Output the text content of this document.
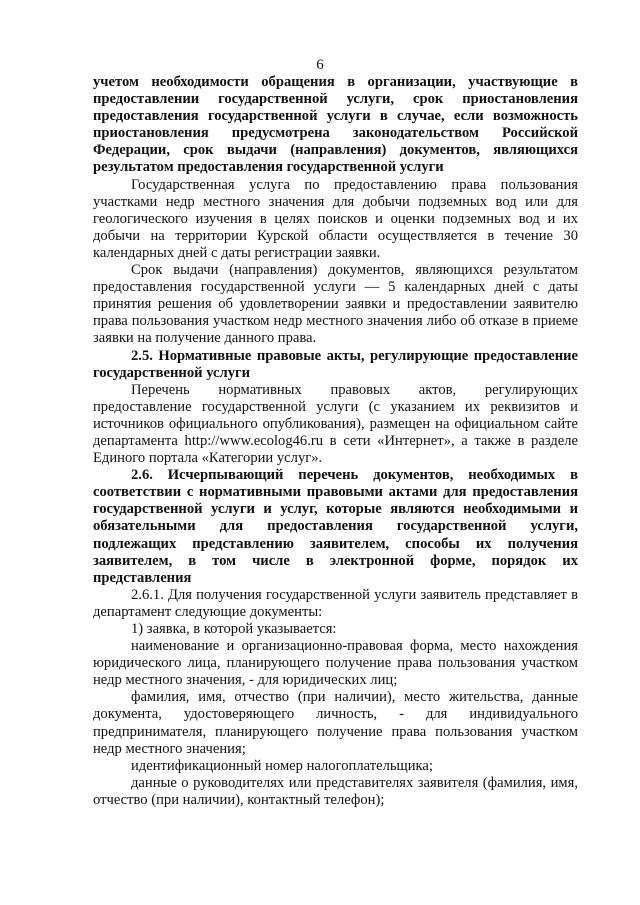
6

учетом необходимости обращения в организации, участвующие в предоставлении государственной услуги, срок приостановления предоставления государственной услуги в случае, если возможность приостановления предусмотрена законодательством Российской Федерации, срок выдачи (направления) документов, являющихся результатом предоставления государственной услуги

Государственная услуга по предоставлению права пользования участками недр местного значения для добычи подземных вод или для геологического изучения в целях поисков и оценки подземных вод и их добычи на территории Курской области осуществляется в течение 30 календарных дней с даты регистрации заявки.

Срок выдачи (направления) документов, являющихся результатом предоставления государственной услуги — 5 календарных дней с даты принятия решения об удовлетворении заявки и предоставлении заявителю права пользования участком недр местного значения либо об отказе в приеме заявки на получение данного права.

2.5. Нормативные правовые акты, регулирующие предоставление государственной услуги

Перечень нормативных правовых актов, регулирующих предоставление государственной услуги (с указанием их реквизитов и источников официального опубликования), размещен на официальном сайте департамента http://www.ecolog46.ru в сети «Интернет», а также в разделе Единого портала «Категории услуг».

2.6. Исчерпывающий перечень документов, необходимых в соответствии с нормативными правовыми актами для предоставления государственной услуги и услуг, которые являются необходимыми и обязательными для предоставления государственной услуги, подлежащих представлению заявителем, способы их получения заявителем, в том числе в электронной форме, порядок их представления

2.6.1. Для получения государственной услуги заявитель представляет в департамент следующие документы:

1) заявка, в которой указывается:

наименование и организационно-правовая форма, место нахождения юридического лица, планирующего получение права пользования участком недр местного значения, - для юридических лиц;

фамилия, имя, отчество (при наличии), место жительства, данные документа, удостоверяющего личность, - для индивидуального предпринимателя, планирующего получение права пользования участком недр местного значения;

идентификационный номер налогоплательщика;

данные о руководителях или представителях заявителя (фамилия, имя, отчество (при наличии), контактный телефон);
